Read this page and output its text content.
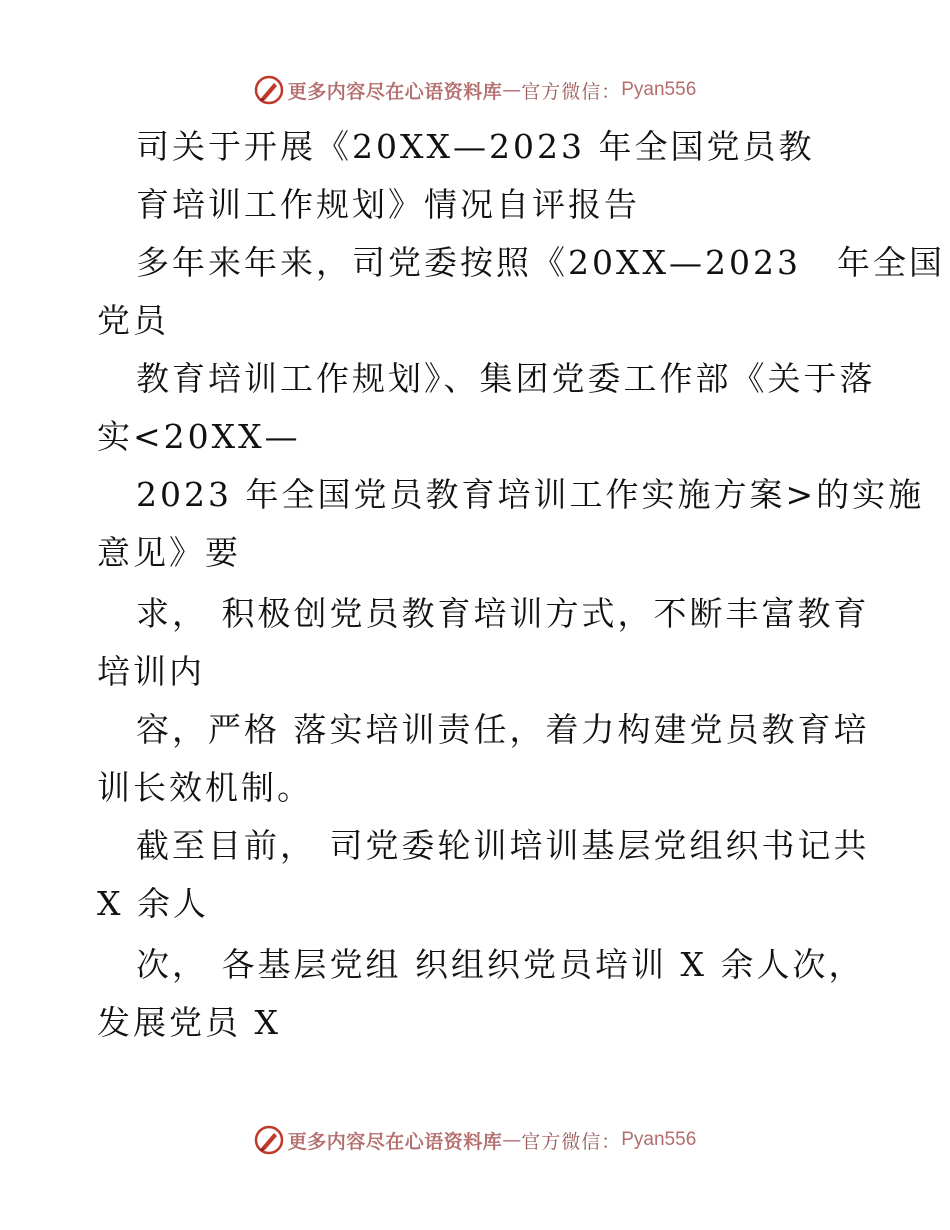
更多内容尽在心语资料库 — 官方微信： Pyan556
司关于开展《20XX—2023 年全国党员教
育培训工作规划》情况自评报告
多年来年来，司党委按照《20XX—2023　年全国
党员
教育培训工作规划》、集团党委工作部《关于落
实<20XX—
2023 年全国党员教育培训工作实施方案>的实施
意见》要
求， 积极创党员教育培训方式，不断丰富教育
培训内
容，严格 落实培训责任，着力构建党员教育培
训长效机制。
截至目前， 司党委轮训培训基层党组织书记共
X 余人
次， 各基层党组 织组织党员培训 X 余人次，
发展党员 X
更多内容尽在心语资料库 — 官方微信： Pyan556
